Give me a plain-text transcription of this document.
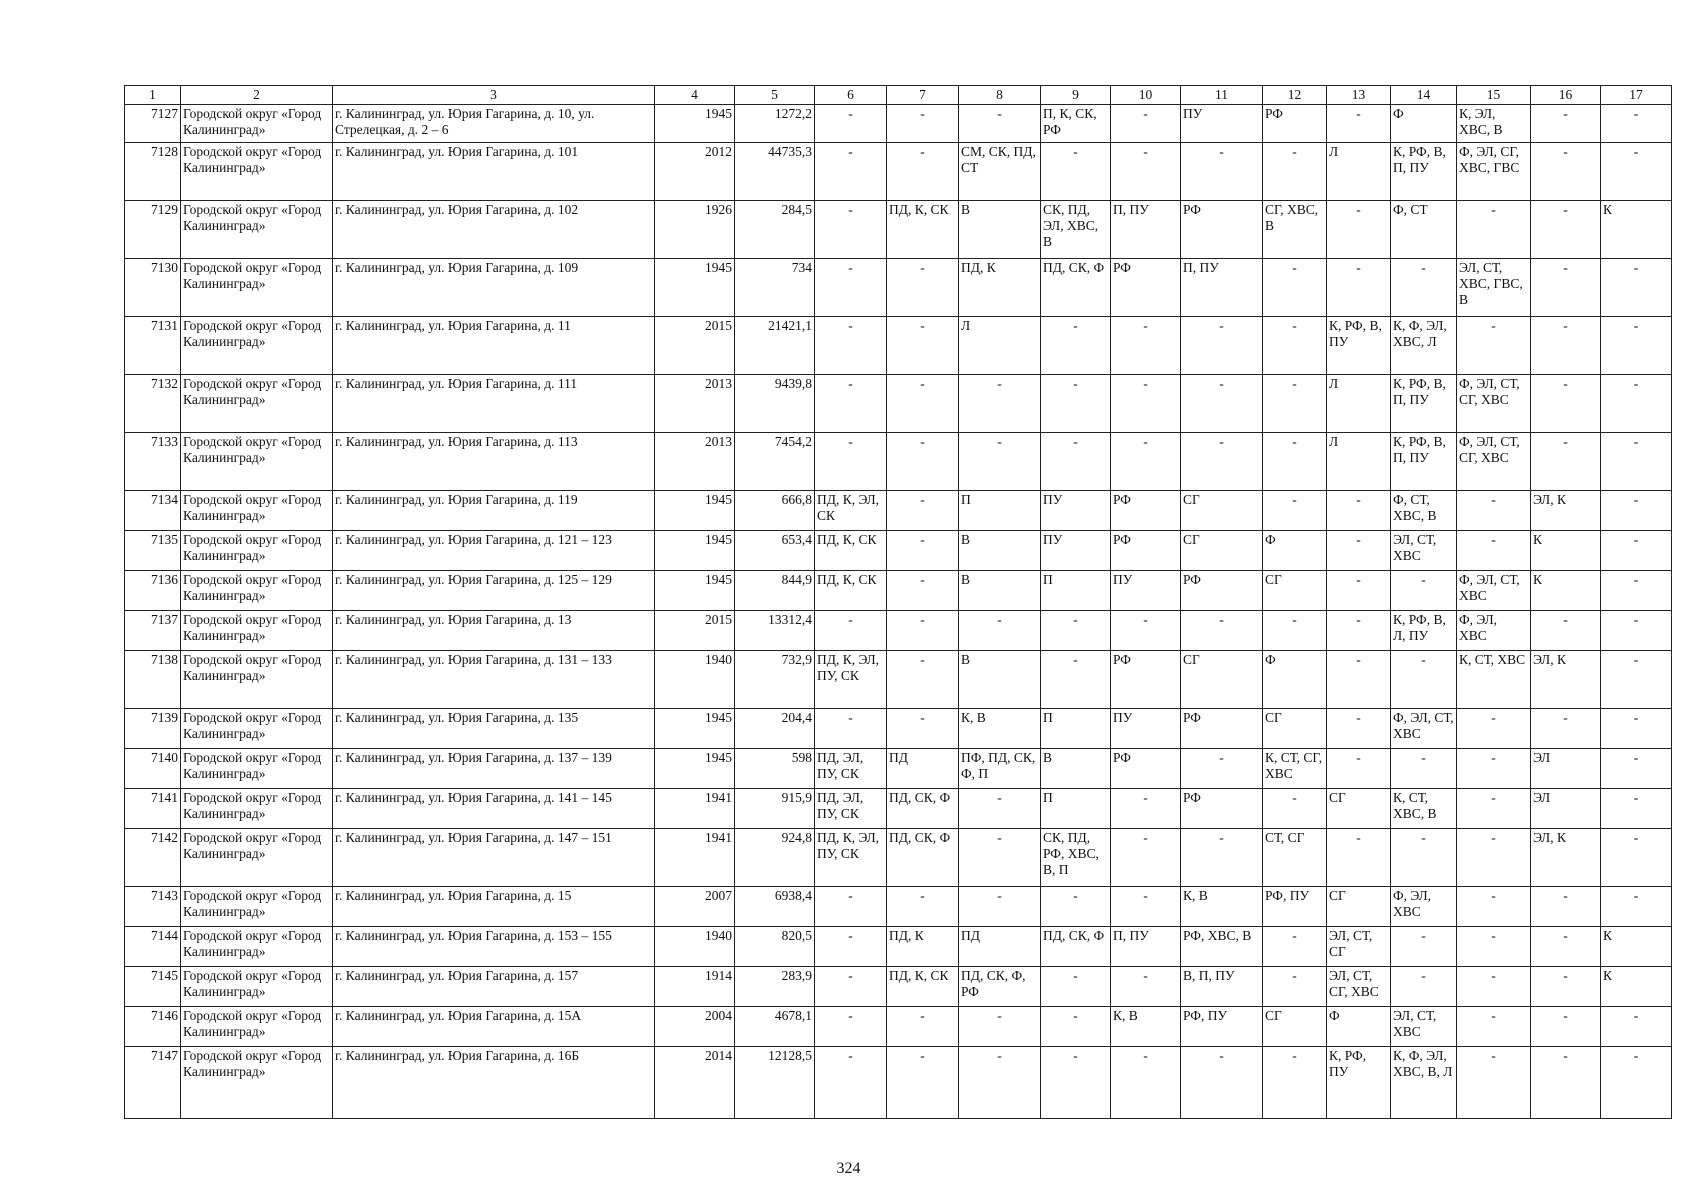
1	2	3	4	5	6	7	8	9	10	11	12	13	14	15	16	17
7127	Городской округ «Город Калининград»	г. Калининград, ул. Юрия Гагарина, д. 10, ул. Стрелецкая, д. 2 – 6	1945	1272,2	-	-	-	П, К, СК, РФ	-	ПУ	РФ	-	Ф	К, ЭЛ, ХВС, В	-	-
7128	Городской округ «Город Калининград»	г. Калининград, ул. Юрия Гагарина, д. 101	2012	44735,3	-	-	СМ, СК, ПД, СТ	-	-	-	-	Л	К, РФ, В, П, ПУ	Ф, ЭЛ, СГ, ХВС, ГВС	-	-
7129	Городской округ «Город Калининград»	г. Калининград, ул. Юрия Гагарина, д. 102	1926	284,5	-	ПД, К, СК	В	СК, ПД, ЭЛ, ХВС, В	П, ПУ	РФ	СГ, ХВС, В	-	Ф, СТ	-	-	К
7130	Городской округ «Город Калининград»	г. Калининград, ул. Юрия Гагарина, д. 109	1945	734	-	-	ПД, К	ПД, СК, Ф	РФ	П, ПУ	-	-	-	ЭЛ, СТ, ХВС, ГВС, В	-	-
7131	Городской округ «Город Калининград»	г. Калининград, ул. Юрия Гагарина, д. 11	2015	21421,1	-	-	Л	-	-	-	-	К, РФ, В, ПУ	К, Ф, ЭЛ, ХВС, Л	-	-	-
7132	Городской округ «Город Калининград»	г. Калининград, ул. Юрия Гагарина, д. 111	2013	9439,8	-	-	-	-	-	-	-	Л	К, РФ, В, П, ПУ	Ф, ЭЛ, СТ, СГ, ХВС	-	-
7133	Городской округ «Город Калининград»	г. Калининград, ул. Юрия Гагарина, д. 113	2013	7454,2	-	-	-	-	-	-	-	Л	К, РФ, В, П, ПУ	Ф, ЭЛ, СТ, СГ, ХВС	-	-
7134	Городской округ «Город Калининград»	г. Калининград, ул. Юрия Гагарина, д. 119	1945	666,8	ПД, К, ЭЛ, СК	-	П	ПУ	РФ	СГ	-	-	Ф, СТ, ХВС, В	-	ЭЛ, К	-
7135	Городской округ «Город Калининград»	г. Калининград, ул. Юрия Гагарина, д. 121 – 123	1945	653,4	ПД, К, СК	-	В	ПУ	РФ	СГ	Ф	-	ЭЛ, СТ, ХВС	-	К	-
7136	Городской округ «Город Калининград»	г. Калининград, ул. Юрия Гагарина, д. 125 – 129	1945	844,9	ПД, К, СК	-	В	П	ПУ	РФ	СГ	-	-	Ф, ЭЛ, СТ, ХВС	К	-
7137	Городской округ «Город Калининград»	г. Калининград, ул. Юрия Гагарина, д. 13	2015	13312,4	-	-	-	-	-	-	-	-	К, РФ, В, Л, ПУ	Ф, ЭЛ, ХВС	-	-
7138	Городской округ «Город Калининград»	г. Калининград, ул. Юрия Гагарина, д. 131 – 133	1940	732,9	ПД, К, ЭЛ, ПУ, СК	-	В	-	РФ	СГ	Ф	-	-	К, СТ, ХВС	ЭЛ, К	-
7139	Городской округ «Город Калининград»	г. Калининград, ул. Юрия Гагарина, д. 135	1945	204,4	-	-	К, В	П	ПУ	РФ	СГ	-	Ф, ЭЛ, СТ, ХВС	-	-	-
7140	Городской округ «Город Калининград»	г. Калининград, ул. Юрия Гагарина, д. 137 – 139	1945	598	ПД, ЭЛ, ПУ, СК	ПД	ПФ, ПД, СК, Ф, П	В	РФ	-	К, СТ, СГ, ХВС	-	-	-	ЭЛ	-
7141	Городской округ «Город Калининград»	г. Калининград, ул. Юрия Гагарина, д. 141 – 145	1941	915,9	ПД, ЭЛ, ПУ, СК	ПД, СК, Ф	-	П	-	РФ	-	СГ	К, СТ, ХВС, В	-	ЭЛ	-
7142	Городской округ «Город Калининград»	г. Калининград, ул. Юрия Гагарина, д. 147 – 151	1941	924,8	ПД, К, ЭЛ, ПУ, СК	ПД, СК, Ф	-	СК, ПД, РФ, ХВС, В, П	-	-	СТ, СГ	-	-	-	ЭЛ, К	-
7143	Городской округ «Город Калининград»	г. Калининград, ул. Юрия Гагарина, д. 15	2007	6938,4	-	-	-	-	-	К, В	РФ, ПУ	СГ	Ф, ЭЛ, ХВС	-	-	-
7144	Городской округ «Город Калининград»	г. Калининград, ул. Юрия Гагарина, д. 153 – 155	1940	820,5	-	ПД, К	ПД	ПД, СК, Ф	П, ПУ	РФ, ХВС, В	-	ЭЛ, СТ, СГ	-	-	-	К
7145	Городской округ «Город Калининград»	г. Калининград, ул. Юрия Гагарина, д. 157	1914	283,9	-	ПД, К, СК	ПД, СК, Ф, РФ	-	-	В, П, ПУ	-	ЭЛ, СТ, СГ, ХВС	-	-	-	К
7146	Городской округ «Город Калининград»	г. Калининград, ул. Юрия Гагарина, д. 15А	2004	4678,1	-	-	-	-	К, В	РФ, ПУ	СГ	Ф	ЭЛ, СТ, ХВС	-	-	-
7147	Городской округ «Город Калининград»	г. Калининград, ул. Юрия Гагарина, д. 16Б	2014	12128,5	-	-	-	-	-	-	-	К, РФ, ПУ	К, Ф, ЭЛ, ХВС, В, Л	-	-	-
324
